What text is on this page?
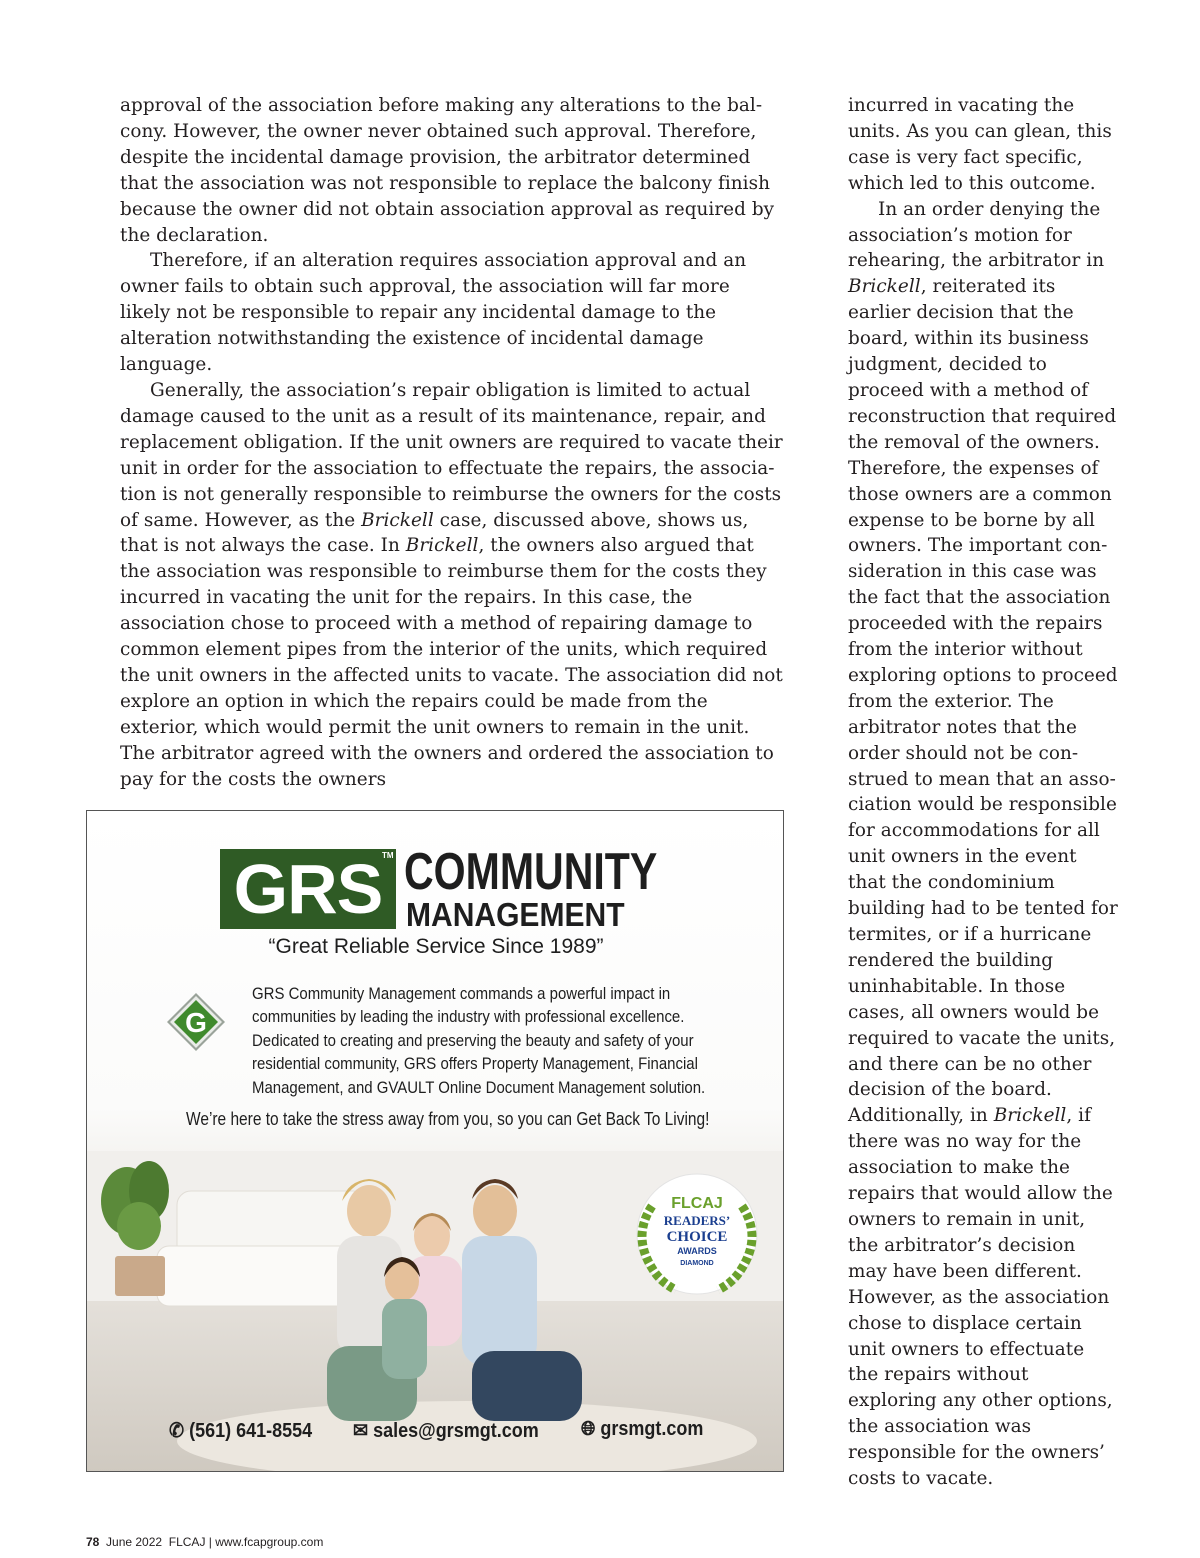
approval of the association before making any alterations to the balcony. However, the owner never obtained such approval. Therefore, despite the incidental damage provision, the arbitrator determined that the association was not responsible to replace the balcony finish because the owner did not obtain association approval as required by the declaration.

Therefore, if an alteration requires association approval and an owner fails to obtain such approval, the association will far more likely not be responsible to repair any incidental damage to the alteration notwithstanding the existence of incidental damage language.

Generally, the association’s repair obligation is limited to actual damage caused to the unit as a result of its maintenance, repair, and replacement obligation. If the unit owners are required to vacate their unit in order for the association to effectuate the repairs, the association is not generally responsible to reimburse the owners for the costs of same. However, as the Brickell case, discussed above, shows us, that is not always the case. In Brickell, the owners also argued that the association was responsible to reimburse them for the costs they incurred in vacating the unit for the repairs. In this case, the association chose to proceed with a method of repairing damage to common element pipes from the interior of the units, which required the unit owners in the affected units to vacate. The association did not explore an option in which the repairs could be made from the exterior, which would permit the unit owners to remain in the unit. The arbitrator agreed with the owners and ordered the association to pay for the costs the owners

incurred in vacating the units. As you can glean, this case is very fact specific, which led to this outcome.

In an order denying the association’s motion for rehearing, the arbitrator in Brickell, reiterated its earlier decision that the board, within its business judgment, decided to proceed with a method of reconstruction that required the removal of the owners. Therefore, the expenses of those owners are a common expense to be borne by all owners. The important consideration in this case was the fact that the association proceeded with the repairs from the interior without exploring options to proceed from the exterior. The arbitrator notes that the order should not be construed to mean that an association would be responsible for accommodations for all unit owners in the event that the condominium building had to be tented for termites, or if a hurricane rendered the building uninhabitable. In those cases, all owners would be required to vacate the units, and there can be no other decision of the board. Additionally, in Brickell, if there was no way for the association to make the repairs that would allow the owners to remain in unit, the arbitrator’s decision may have been different. However, as the association chose to displace certain unit owners to effectuate the repairs without exploring any other options, the association was responsible for the owners’ costs to vacate.

GRS TM COMMUNITY
MANAGEMENT
“Great Reliable Service Since 1989”
G
GRS Community Management commands a powerful impact in communities by leading the industry with professional excellence. Dedicated to creating and preserving the beauty and safety of your residential community, GRS offers Property Management, Financial Management, and GVAULT Online Document Management solution.
We’re here to take the stress away from you, so you can Get Back To Living!
FLCAJ
READERS’
CHOICE
AWARDS
DIAMOND
✆ (561) 641-8554 ✉ sales@grsmgt.com 🌐︎ grsmgt.com
78 June 2022 FLCAJ | www.fcapgroup.com
